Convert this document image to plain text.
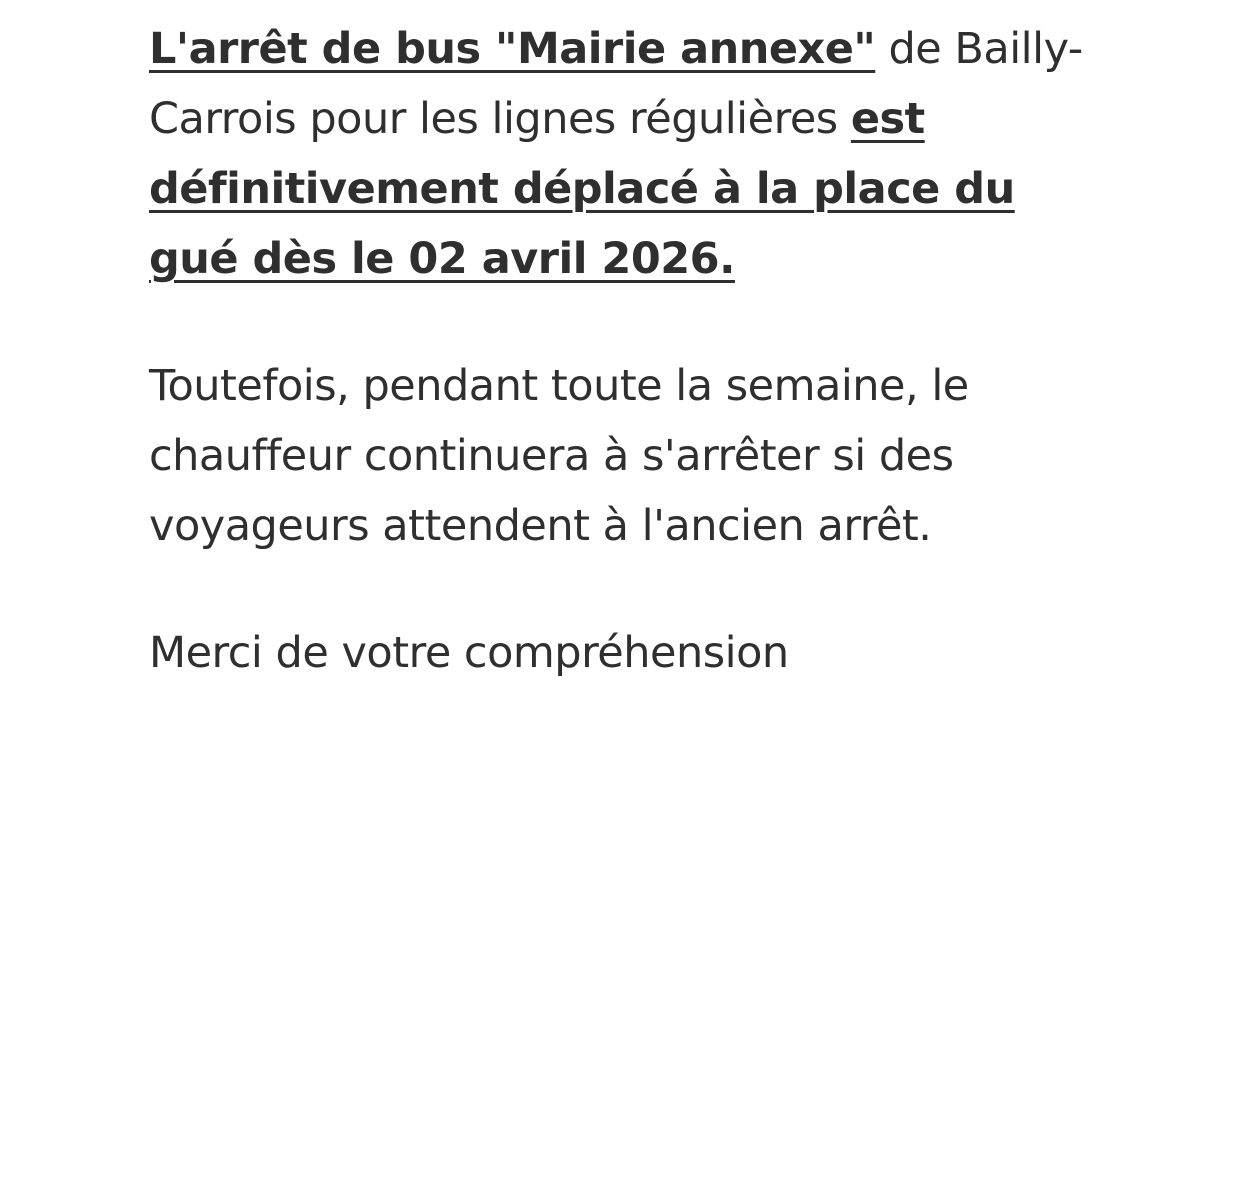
L'arrêt de bus "Mairie annexe" de Bailly-Carrois pour les lignes régulières est définitivement déplacé à la place du gué dès le 02 avril 2026.

Toutefois, pendant toute la semaine, le chauffeur continuera à s'arrêter si des voyageurs attendent à l'ancien arrêt.

Merci de votre compréhension
